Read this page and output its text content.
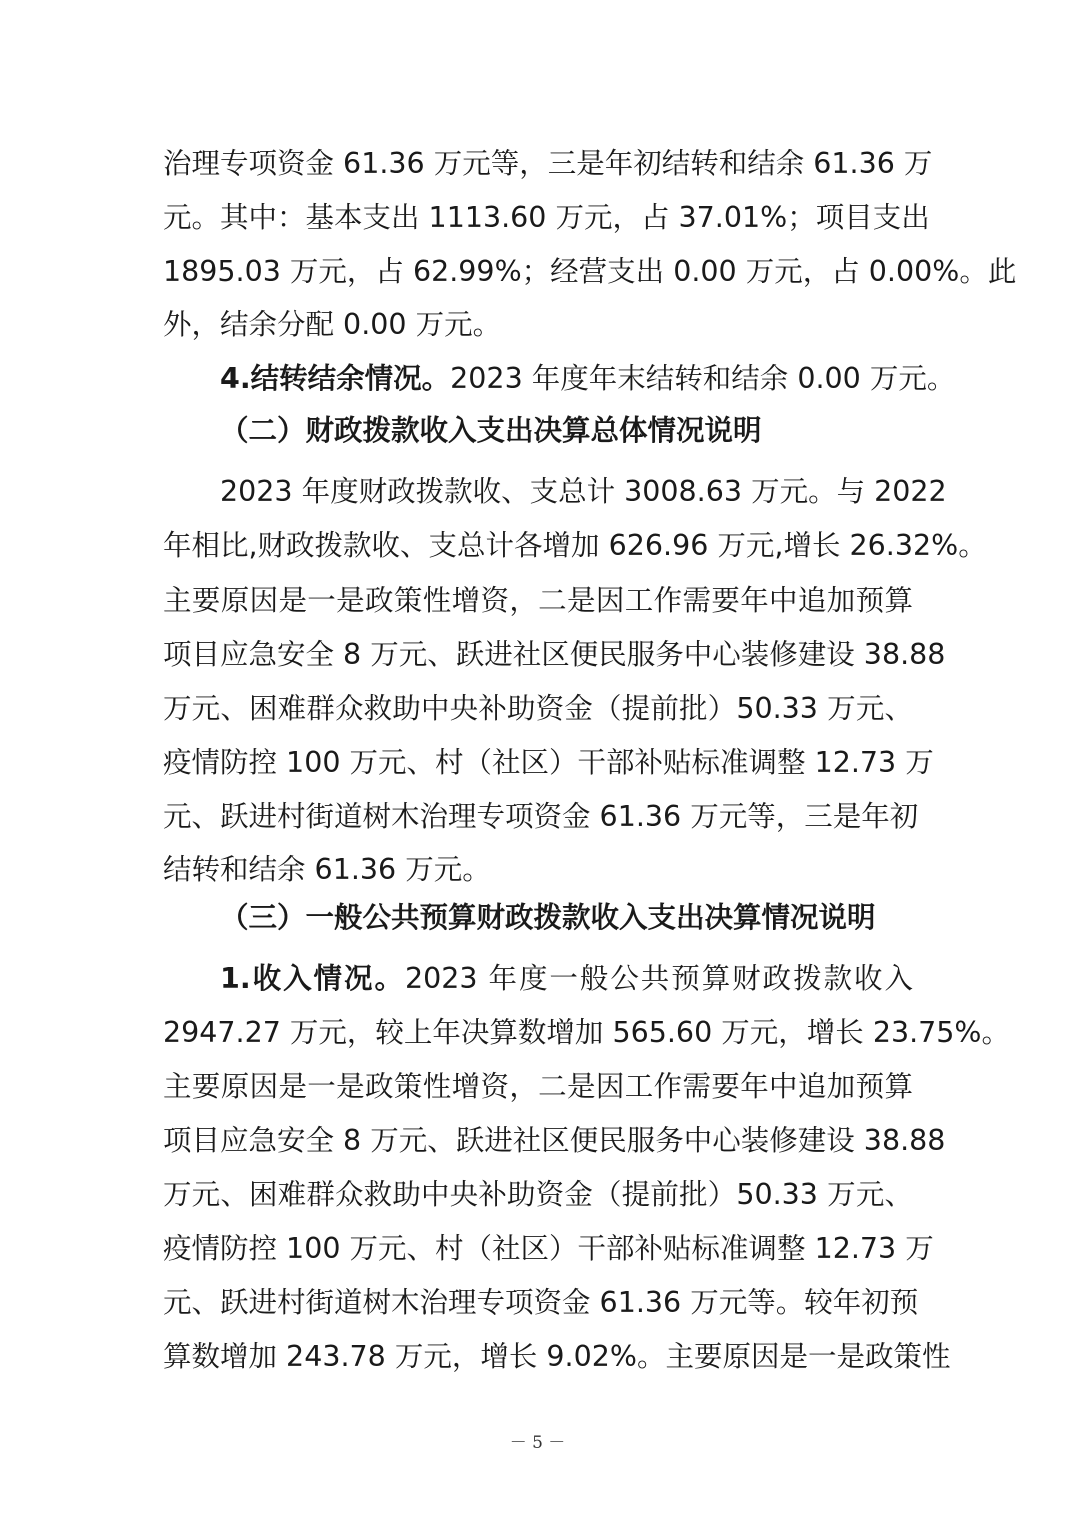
治理专项资金 61.36 万元等，三是年初结转和结余 61.36 万
元。其中：基本支出 1113.60 万元，占 37.01%；项目支出
1895.03 万元，占 62.99%；经营支出 0.00 万元，占 0.00%。此
外，结余分配 0.00 万元。
4.结转结余情况。2023 年度年末结转和结余 0.00 万元。
（二）财政拨款收入支出决算总体情况说明
2023 年度财政拨款收、支总计 3008.63 万元。与 2022
年相比,财政拨款收、支总计各增加 626.96 万元,增长 26.32%。
主要原因是一是政策性增资，二是因工作需要年中追加预算
项目应急安全 8 万元、跃进社区便民服务中心装修建设 38.88
万元、困难群众救助中央补助资金（提前批）50.33 万元、
疫情防控 100 万元、村（社区）干部补贴标准调整 12.73 万
元、跃进村街道树木治理专项资金 61.36 万元等，三是年初
结转和结余 61.36 万元。
（三）一般公共预算财政拨款收入支出决算情况说明
1.收入情况。2023 年度一般公共预算财政拨款收入
2947.27 万元，较上年决算数增加 565.60 万元，增长 23.75%。
主要原因是一是政策性增资，二是因工作需要年中追加预算
项目应急安全 8 万元、跃进社区便民服务中心装修建设 38.88
万元、困难群众救助中央补助资金（提前批）50.33 万元、
疫情防控 100 万元、村（社区）干部补贴标准调整 12.73 万
元、跃进村街道树木治理专项资金 61.36 万元等。较年初预
算数增加 243.78 万元，增长 9.02%。主要原因是一是政策性
－ 5 －
